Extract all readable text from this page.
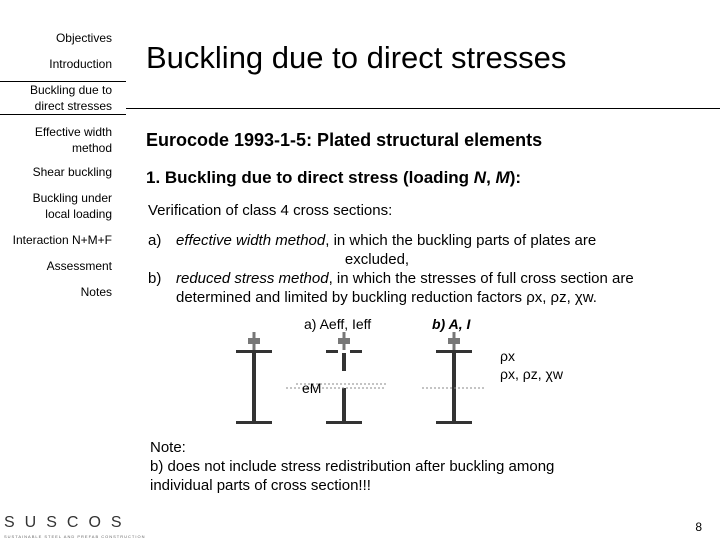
Objectives
Introduction
Buckling due to direct stresses
Effective width method
Shear buckling
Buckling under local loading
Interaction N+M+F
Assessment
Notes
SUSCOS
SUSTAINABLE STEEL AND PREFAB CONSTRUCTION
Buckling due to direct stresses
Eurocode 1993-1-5: Plated structural elements
1. Buckling due to direct stress (loading N, M):
Verification of class 4 cross sections:
a) effective width method, in which the buckling parts of plates are
excluded,
b) reduced stress method, in which the stresses of full cross section are
determined and limited by buckling reduction factors ρx, ρz, χw.
a) Aeff, Ieff	b) A, I
eM
ρx
ρx, ρz, χw
Note:
b) does not include stress redistribution after buckling among
individual parts of cross section!!!
8
